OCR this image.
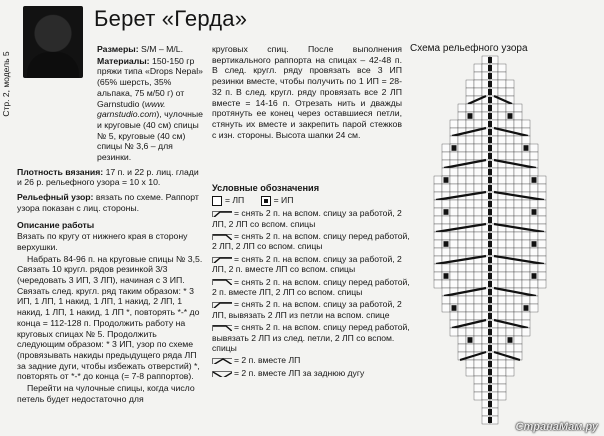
Стр. 2, модель 5
Берет «Герда»

Размеры: S/M – M/L.

Материалы: 150-150 гр пряжи типа «Drops Nepal» (65% шерсть, 35% альпака, 75 м/50 г) от Garnstudio (www. garnstudio.com), чулочные и круговые (40 см) спицы № 5, круговые (40 см) спицы № 3,6 – для резинки.

Плотность вязания: 17 п. и 22 р. лиц. глади и 26 р. рельефного узора = 10 х 10.

Рельефный узор: вязать по схеме. Раппорт узора показан с лиц. стороны.

Описание работы

Вязать по кругу от нижнего края в сторону верхушки.

Набрать 84-96 п. на круговые спицы № 3,5. Связать 10 кругл. рядов резинкой 3/3 (чередовать 3 ИП, 3 ЛП), начиная с 3 ИП. Связать след. кругл. ряд таким образом: * 3 ИП, 1 ЛП, 1 накид, 1 ЛП, 1 накид, 2 ЛП, 1 накид, 1 ЛП, 1 накид, 1 ЛП *, повторять *-* до конца = 112-128 п. Продолжить работу на круговых спицах № 5. Продолжить следующим образом: * 3 ИП, узор по схеме (провязывать накиды предыдущего ряда ЛП за задние дуги, чтобы избежать отверстий) *, повторять от *-* до конца (= 7-8 раппортов).

Перейти на чулочные спицы, когда число петель будет недостаточно для

круговых спиц. После выполнения вертикального раппорта на спицах – 42-48 п. В след. кругл. ряду провязать все 3 ИП резинки вместе, чтобы получить по 1 ИП = 28-32 п. В след. кругл. ряду провязать все 2 ЛП вместе = 14-16 п. Отрезать нить и дважды протянуть ее конец через оставшиеся петли, стянуть их вместе и закрепить парой стежков с изн. стороны. Высота шапки 24 см.

Условные обозначения
= ЛП	= ИП
= снять 2 п. на вспом. спицу за работой, 2 ЛП, 2 ЛП со вспом. спицы
= снять 2 п. на вспом. спицу перед работой, 2 ЛП, 2 ЛП со вспом. спицы
= снять 2 п. на вспом. спицу за работой, 2 ЛП, 2 п. вместе ЛП со вспом. спицы
= снять 2 п. на вспом. спицу перед работой, 2 п. вместе ЛП, 2 ЛП со вспом. спицы
= снять 2 п. на вспом. спицу за работой, 2 ЛП, вывязать 2 ЛП из петли на вспом. спице
= снять 2 п. на вспом. спицу перед работой, вывязать 2 ЛП из след. петли, 2 ЛП со вспом. спицы
= 2 п. вместе ЛП
= 2 п. вместе ЛП за заднюю дугу
Схема рельефного узора
СтранаМам.ру
